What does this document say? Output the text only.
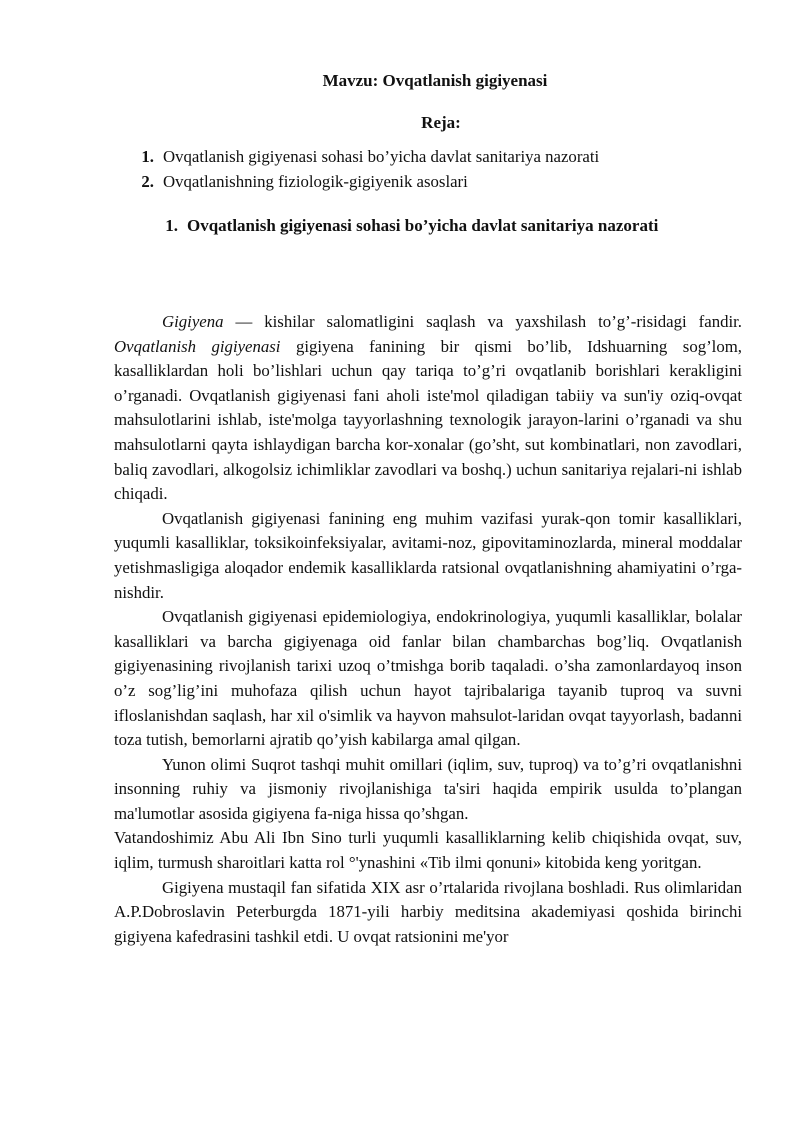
Mavzu: Ovqatlanish gigiyenasi
Reja:
1. Ovqatlanish gigiyenasi sohasi bo’yicha davlat sanitariya nazorati
2. Ovqatlanishning fiziologik-gigiyenik asoslari
1. Ovqatlanish gigiyenasi sohasi bo’yicha davlat sanitariya nazorati

Gigiyena — kishilar salomatligini saqlash va yaxshilash to’g’-risidagi fandir. Ovqatlanish gigiyenasi gigiyena fanining bir qismi bo’lib, Idshuarning sog’lom, kasalliklardan holi bo’lishlari uchun qay tariqa to’g’ri ovqatlanib borishlari kerakligini o’rganadi. Ovqatlanish gigiyenasi fani aholi iste'mol qiladigan tabiiy va sun'iy oziq-ovqat mahsulotlarini ishlab, iste'molga tayyorlashning texnologik jarayon-larini o’rganadi va shu mahsulotlarni qayta ishlaydigan barcha kor-xonalar (go’sht, sut kombinatlari, non zavodlari, baliq zavodlari, alkogolsiz ichimliklar zavodlari va boshq.) uchun sanitariya rejalari-ni ishlab chiqadi.

Ovqatlanish gigiyenasi fanining eng muhim vazifasi yurak-qon tomir kasalliklari, yuqumli kasalliklar, toksikoinfeksiyalar, avitami-noz, gipovitaminozlarda, mineral moddalar yetishmasligiga aloqador endemik kasalliklarda ratsional ovqatlanishning ahamiyatini o’rga-nishdir.

Ovqatlanish gigiyenasi epidemiologiya, endokrinologiya, yuqumli kasalliklar, bolalar kasalliklari va barcha gigiyenaga oid fanlar bilan chambarchas bog’liq. Ovqatlanish gigiyenasining rivojlanish tarixi uzoq o’tmishga borib taqaladi. o’sha zamonlardayoq inson o’z sog’lig’ini muhofaza qilish uchun hayot tajribalariga tayanib tuproq va suvni ifloslanishdan saqlash, har xil o'simlik va hayvon mahsulot-laridan ovqat tayyorlash, badanni toza tutish, bemorlarni ajratib qo’yish kabilarga amal qilgan.

Yunon olimi Suqrot tashqi muhit omillari (iqlim, suv, tuproq) va to’g’ri ovqatlanishni insonning ruhiy va jismoniy rivojlanishiga ta'siri haqida empirik usulda to’plangan ma'lumotlar asosida gigiyena fa-niga hissa qo’shgan.

Vatandoshimiz Abu Ali Ibn Sino turli yuqumli kasalliklarning kelib chiqishida ovqat, suv, iqlim, turmush sharoitlari katta rol °'ynashini «Tib ilmi qonuni» kitobida keng yoritgan.

Gigiyena mustaqil fan sifatida XIX asr o’rtalarida rivojlana boshladi. Rus olimlaridan A.P.Dobroslavin Peterburgda 1871-yili harbiy meditsina akademiyasi qoshida birinchi gigiyena kafedrasini tashkil etdi. U ovqat ratsionini me'yor
